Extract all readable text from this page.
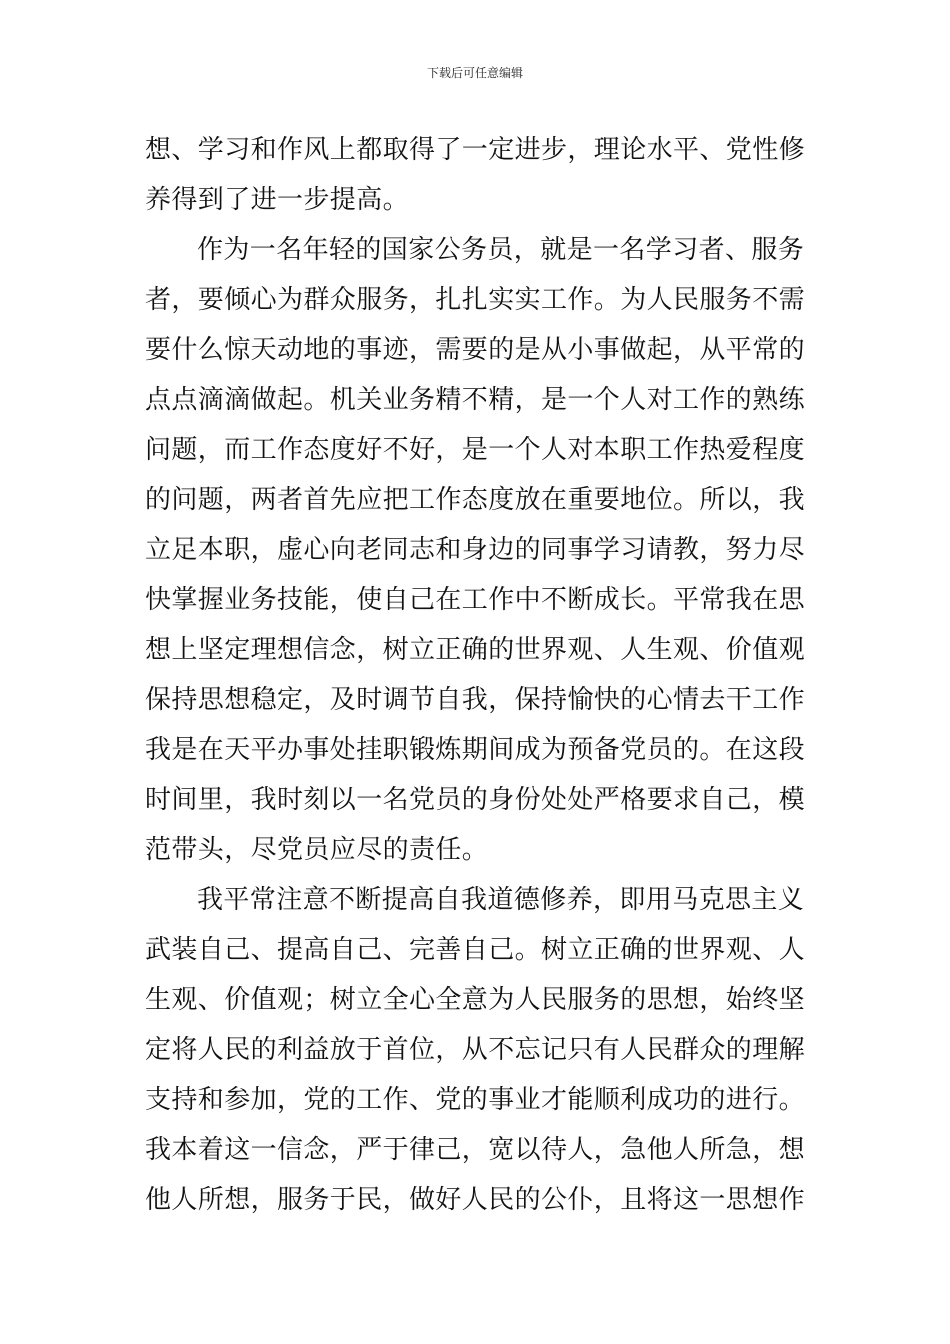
下载后可任意编辑
想、学习和作风上都取得了一定进步，理论水平、党性修
养得到了进一步提高。
作为一名年轻的国家公务员，就是一名学习者、服务
者，要倾心为群众服务，扎扎实实工作。为人民服务不需
要什么惊天动地的事迹，需要的是从小事做起，从平常的
点点滴滴做起。机关业务精不精，是一个人对工作的熟练
问题，而工作态度好不好，是一个人对本职工作热爱程度
的问题，两者首先应把工作态度放在重要地位。所以，我
立足本职，虚心向老同志和身边的同事学习请教，努力尽
快掌握业务技能，使自己在工作中不断成长。平常我在思
想上坚定理想信念，树立正确的世界观、人生观、价值观
保持思想稳定，及时调节自我，保持愉快的心情去干工作
我是在天平办事处挂职锻炼期间成为预备党员的。在这段
时间里，我时刻以一名党员的身份处处严格要求自己，模
范带头，尽党员应尽的责任。
我平常注意不断提高自我道德修养，即用马克思主义
武装自己、提高自己、完善自己。树立正确的世界观、人
生观、价值观；树立全心全意为人民服务的思想，始终坚
定将人民的利益放于首位，从不忘记只有人民群众的理解
支持和参加，党的工作、党的事业才能顺利成功的进行。
我本着这一信念，严于律己，宽以待人，急他人所急，想
他人所想，服务于民，做好人民的公仆，且将这一思想作
